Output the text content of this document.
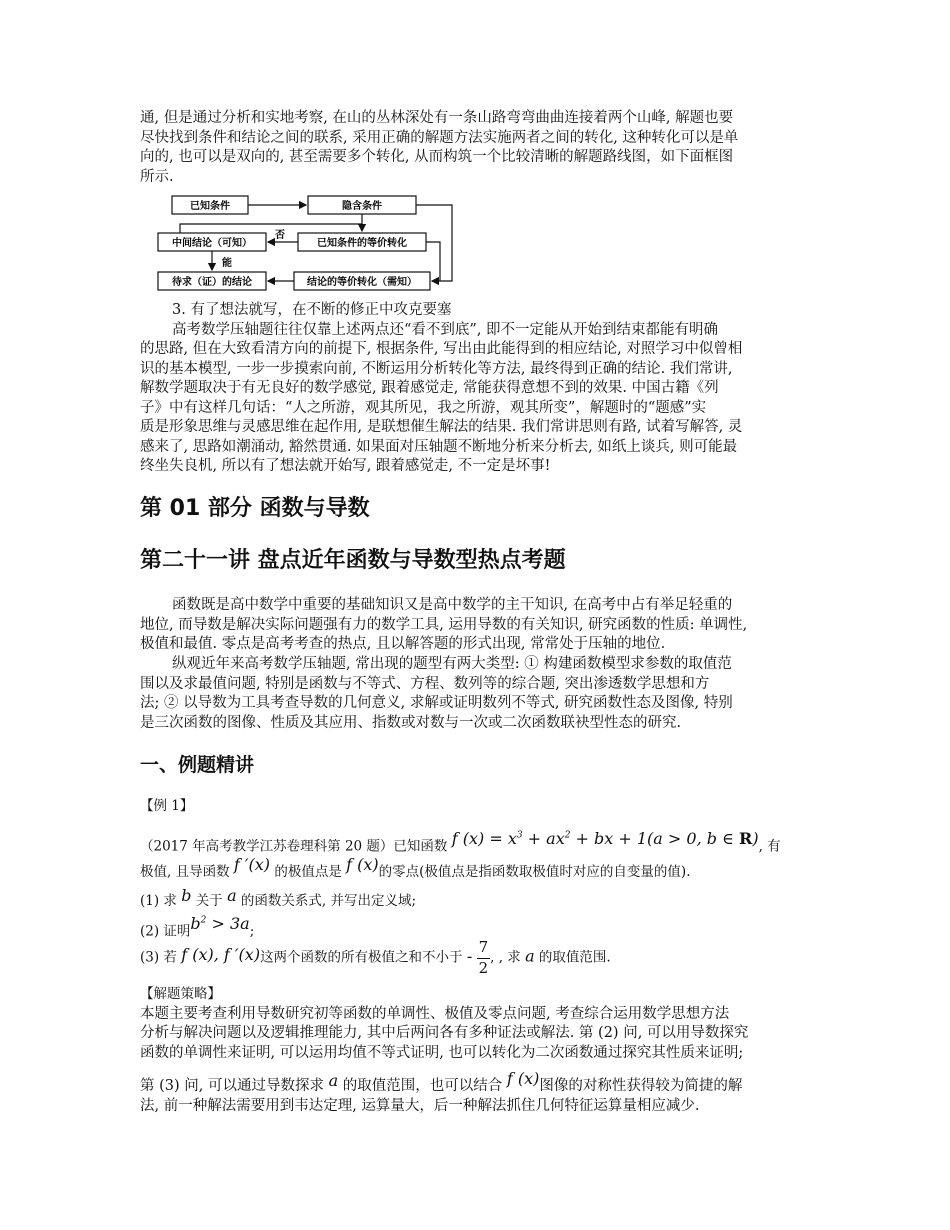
通, 但是通过分析和实地考察, 在山的丛林深处有一条山路弯弯曲曲连接着两个山峰, 解题也要

尽快找到条件和结论之间的联系, 采用正确的解题方法实施两者之间的转化, 这种转化可以是单

向的, 也可以是双向的, 甚至需要多个转化, 从而构筑一个比较清晰的解题路线图，如下面框图

所示.

已知条件	隐含条件
中间结论（可知）	已知条件的等价转化
待求（证）的结论	结论的等价转化（需知）
否
能

3. 有了想法就写，在不断的修正中攻克要塞

高考数学压轴题往往仅靠上述两点还“看不到底”, 即不一定能从开始到结束都能有明确

的思路, 但在大致看清方向的前提下, 根据条件, 写出由此能得到的相应结论, 对照学习中似曾相

识的基本模型, 一步一步摸索向前, 不断运用分析转化等方法, 最终得到正确的结论. 我们常讲,

解数学题取决于有无良好的数学感觉, 跟着感觉走, 常能获得意想不到的效果. 中国古籍《列

子》中有这样几句话：“人之所游，观其所见，我之所游，观其所变”，解题时的“题感”实

质是形象思维与灵感思维在起作用, 是联想催生解法的结果. 我们常讲思则有路, 试着写解答, 灵

感来了, 思路如潮涌动, 豁然贯通. 如果面对压轴题不断地分析来分析去, 如纸上谈兵, 则可能最

终坐失良机, 所以有了想法就开始写, 跟着感觉走, 不一定是坏事!

第 01 部分 函数与导数
第二十一讲 盘点近年函数与导数型热点考题

函数既是高中数学中重要的基础知识又是高中数学的主干知识, 在高考中占有举足轻重的

地位, 而导数是解决实际问题强有力的数学工具, 运用导数的有关知识, 研究函数的性质: 单调性,

极值和最值. 零点是高考考查的热点, 且以解答题的形式出现, 常常处于压轴的地位.

纵观近年来高考数学压轴题, 常出现的题型有两大类型: ① 构建函数模型求参数的取值范

围以及求最值问题, 特别是函数与不等式、方程、数列等的综合题, 突出渗透数学思想和方

法; ② 以导数为工具考查导数的几何意义, 求解或证明数列不等式, 研究函数性态及图像, 特别

是三次函数的图像、性质及其应用、指数或对数与一次或二次函数联袂型性态的研究.

一、例题精讲
【例 1】
（2017 年高考教学江苏卷理科第 20 题）已知函数 f $(x) = x^3 + ax^2$ + bx + 1(a > 0, b ∈ R), 有
极值, 且导函数 f ′(x) 的极值点是 f (x)的零点(极值点是指函数取极值时对应的自变量的值).
(1) 求 b 关于 a 的函数关系式, 并写出定义域;
(2) 证明$b^2 > 3a$;
(3) 若 f (x), f ′(x)这两个函数的所有极值之和不小于 - $\frac{7}{2}$ , , 求 a 的取值范围.

【解题策略】

本题主要考查利用导数研究初等函数的单调性、极值及零点问题, 考查综合运用数学思想方法

分析与解决问题以及逻辑推理能力, 其中后两问各有多种证法或解法. 第 (2) 问, 可以用导数探究

函数的单调性来证明, 可以运用均值不等式证明, 也可以转化为二次函数通过探究其性质来证明;

第 (3) 问, 可以通过导数探求 a 的取值范围，也可以结合 f (x)图像的对称性获得较为简捷的解

法, 前一种解法需要用到韦达定理, 运算量大，后一种解法抓住几何特征运算量相应减少.
